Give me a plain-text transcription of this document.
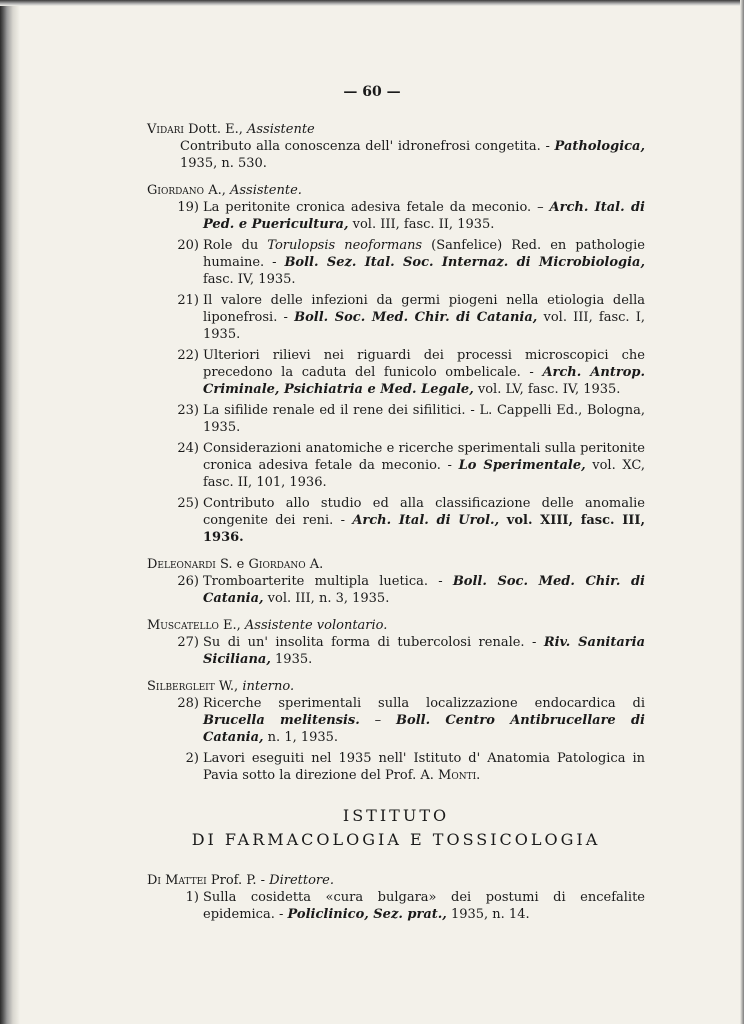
— 60 —

Vidari Dott. E., Assistente

Contributo alla conoscenza dell' idronefrosi congetita. - Pathologica, 1935, n. 530.

Giordano A., Assistente.

19) La peritonite cronica adesiva fetale da meconio. – Arch. Ital. di Ped. e Puericultura, vol. III, fasc. II, 1935.
20) Role du Torulopsis neoformans (Sanfelice) Red. en pathologie humaine. - Boll. Sez. Ital. Soc. Internaz. di Microbiologia, fasc. IV, 1935.
21) Il valore delle infezioni da germi piogeni nella etiologia della liponefrosi. - Boll. Soc. Med. Chir. di Catania, vol. III, fasc. I, 1935.
22) Ulteriori rilievi nei riguardi dei processi microscopici che precedono la caduta del funicolo ombelicale. - Arch. Antrop. Criminale, Psichiatria e Med. Legale, vol. LV, fasc. IV, 1935.
23) La sifilide renale ed il rene dei sifilitici. - L. Cappelli Ed., Bologna, 1935.
24) Considerazioni anatomiche e ricerche sperimentali sulla peritonite cronica adesiva fetale da meconio. - Lo Sperimentale, vol. XC, fasc. II, 101, 1936.
25) Contributo allo studio ed alla classificazione delle anomalie congenite dei reni. - Arch. Ital. di Urol., vol. XIII, fasc. III, 1936.

Deleonardi S. e Giordano A.

26) Tromboarterite multipla luetica. - Boll. Soc. Med. Chir. di Catania, vol. III, n. 3, 1935.

Muscatello E., Assistente volontario.

27) Su di un' insolita forma di tubercolosi renale. - Riv. Sanitaria Siciliana, 1935.

Silbergleit W., interno.

28) Ricerche sperimentali sulla localizzazione endocardica di Brucella melitensis. – Boll. Centro Antibrucellare di Catania, n. 1, 1935.
2) Lavori eseguiti nel 1935 nell' Istituto d' Anatomia Patologica in Pavia sotto la direzione del Prof. A. Monti.

ISTITUTO

DI FARMACOLOGIA E TOSSICOLOGIA

Di Mattei Prof. P. - Direttore.

1) Sulla cosidetta «cura bulgara» dei postumi di encefalite epidemica. - Policlinico, Sez. prat., 1935, n. 14.
